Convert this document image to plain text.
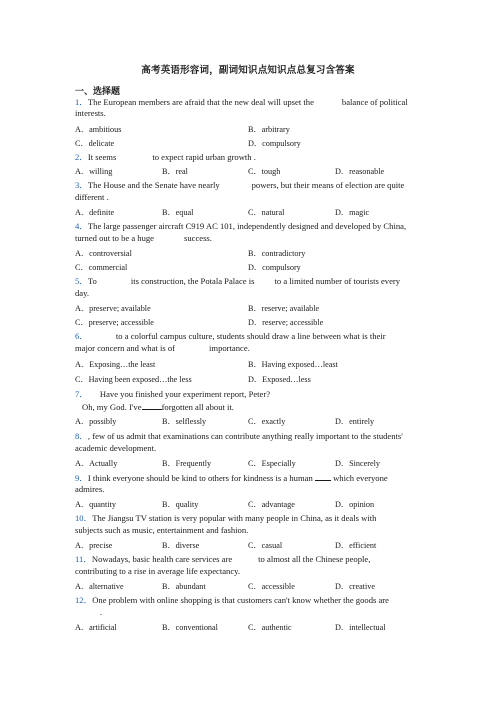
高考英语形容词，副词知识点知识点总复习含答案
一、选择题
1．The European members are afraid that the new deal will upset the	balance of political
interests.
A．ambitious	B．arbitrary
C．delicate	D．compulsory
2．It seems	to expect rapid urban growth .
A．willing	B．real	C．tough	D．reasonable
3．The House and the Senate have nearly	powers, but their means of election are quite
different .
A．definite	B．equal	C．natural	D．magic
4．The large passenger aircraft C919 AC 101, independently designed and developed by China,
turned out to be a huge	success.
A．controversial	B．contradictory
C．commercial	D．compulsory
5．To	its construction, the Potala Palace is to a limited number of tourists every
day.
A．preserve; available	B．reserve; available
C．preserve; accessible	D．reserve; accessible
6．	to a colorful campus culture, students should draw a line between what is their
major concern and what is of	importance.
A．Exposing…the least	B．Having exposed…least
C．Having been exposed…the less	D．Exposed…less
7． Have you finished your experiment report, Peter?
Oh, my God. I've forgotten all about it.
A．possibly	B．selflessly	C．exactly	D．entirely
8．, few of us admit that examinations can contribute anything really important to the students'
academic development.
A．Actually	B．Frequently	C．Especially	D．Sincerely
9．I think everyone should be kind to others for kindness is a human which everyone
admires.
A．quantity	B．quality	C．advantage	D．opinion
10．The Jiangsu TV station is very popular with many people in China, as it deals with
subjects such as music, entertainment and fashion.
A．precise	B．diverse	C．casual	D．efficient
11．Nowadays, basic health care services are	to almost all the Chinese people,
contributing to a rise in average life expectancy.
A．alternative	B．abundant	C．accessible	D．creative
12．One problem with online shopping is that customers can't know whether the goods are
.
A．artificial	B．conventional	C．authentic	D．intellectual
